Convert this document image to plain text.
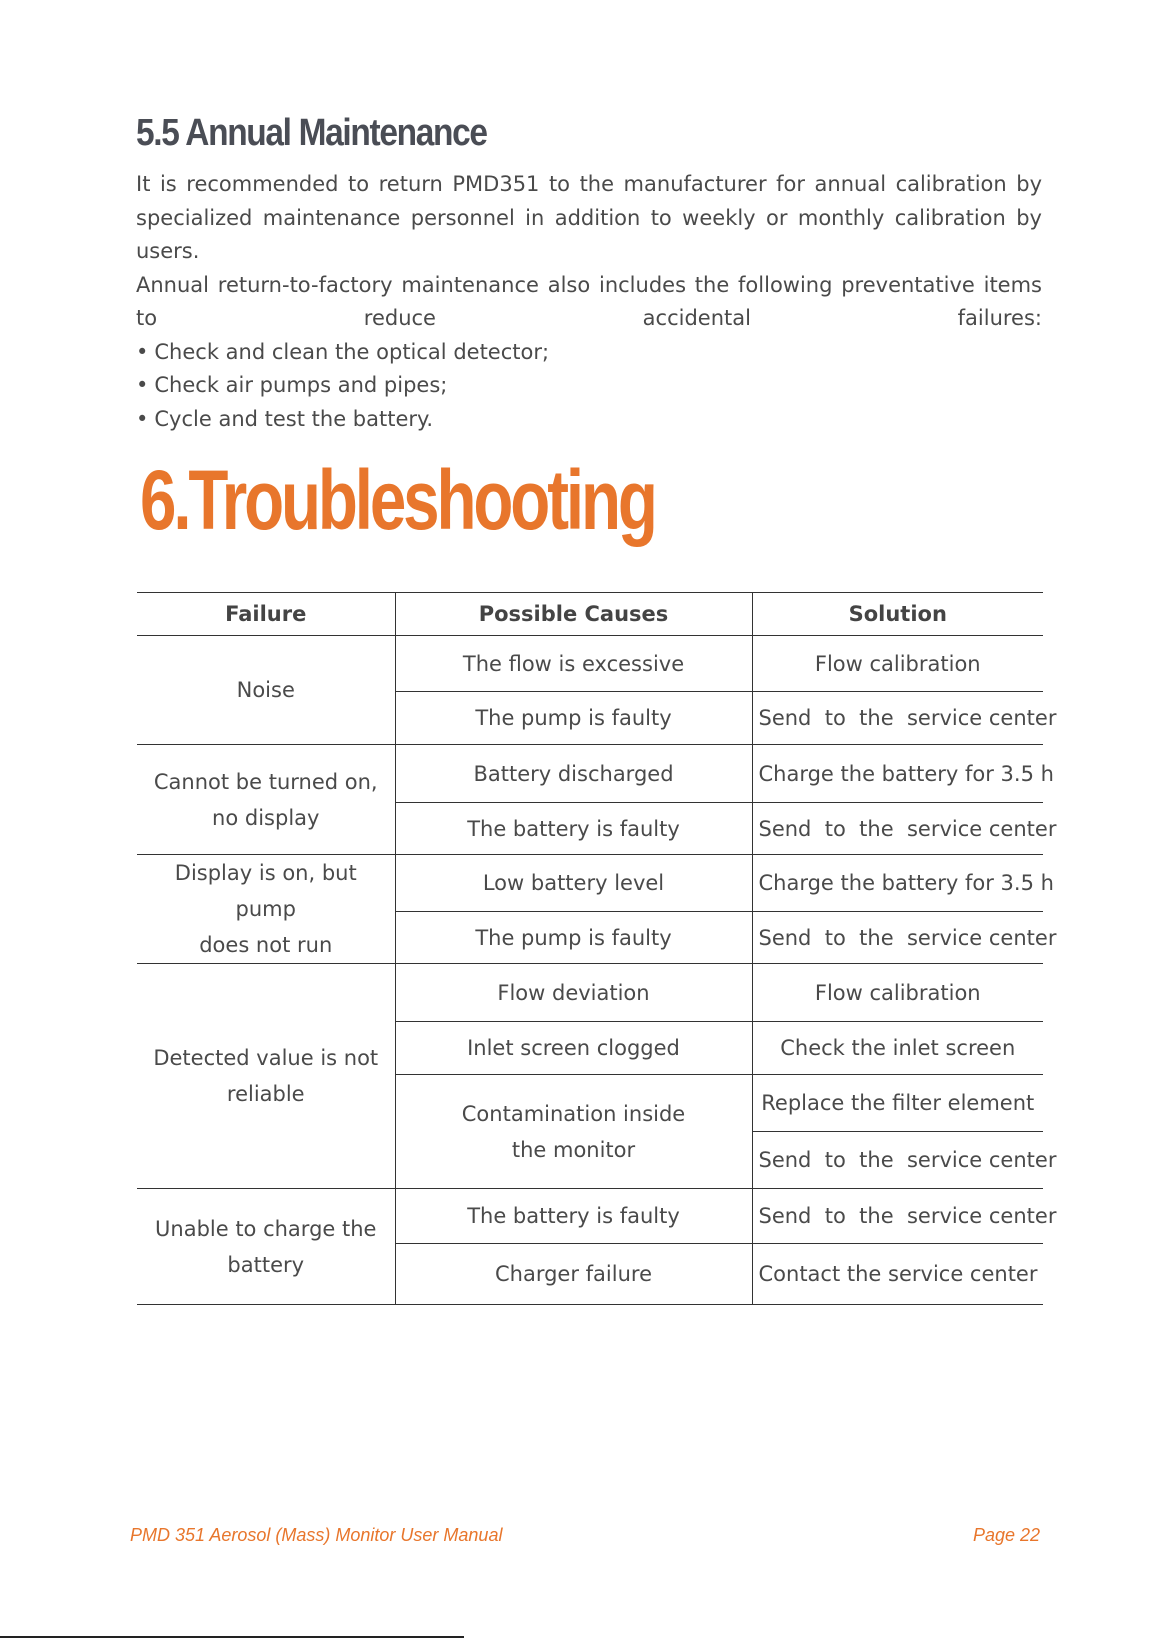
5.5 Annual Maintenance

It is recommended to return PMD351 to the manufacturer for annual calibration by specialized maintenance personnel in addition to weekly or monthly calibration by users.

Annual return-to-factory maintenance also includes the following preventative items to reduce accidental failures:

• Check and clean the optical detector;
• Check air pumps and pipes;
• Cycle and test the battery.
6.Troubleshooting
Failure	Possible Causes	Solution

Noise	The flow is excessive	Flow calibration

	The pump is faulty	Send  to  the  service center

Cannot be turned on,
no display	Battery discharged	Charge the battery for 3.5 h

	The battery is faulty	Send  to  the  service center

Display is on, but pump
does not run	Low battery level	Charge the battery for 3.5 h

	The pump is faulty	Send  to  the  service center

Detected value is not
reliable	Flow deviation	Flow calibration

	Inlet screen clogged	Check the inlet screen

	Contamination inside
the monitor	Replace the filter element

		Send  to  the  service center

Unable to charge the
battery	The battery is faulty	Send  to  the  service center

	Charger failure	Contact the service center
PMD 351 Aerosol (Mass) Monitor User Manual	Page 22
